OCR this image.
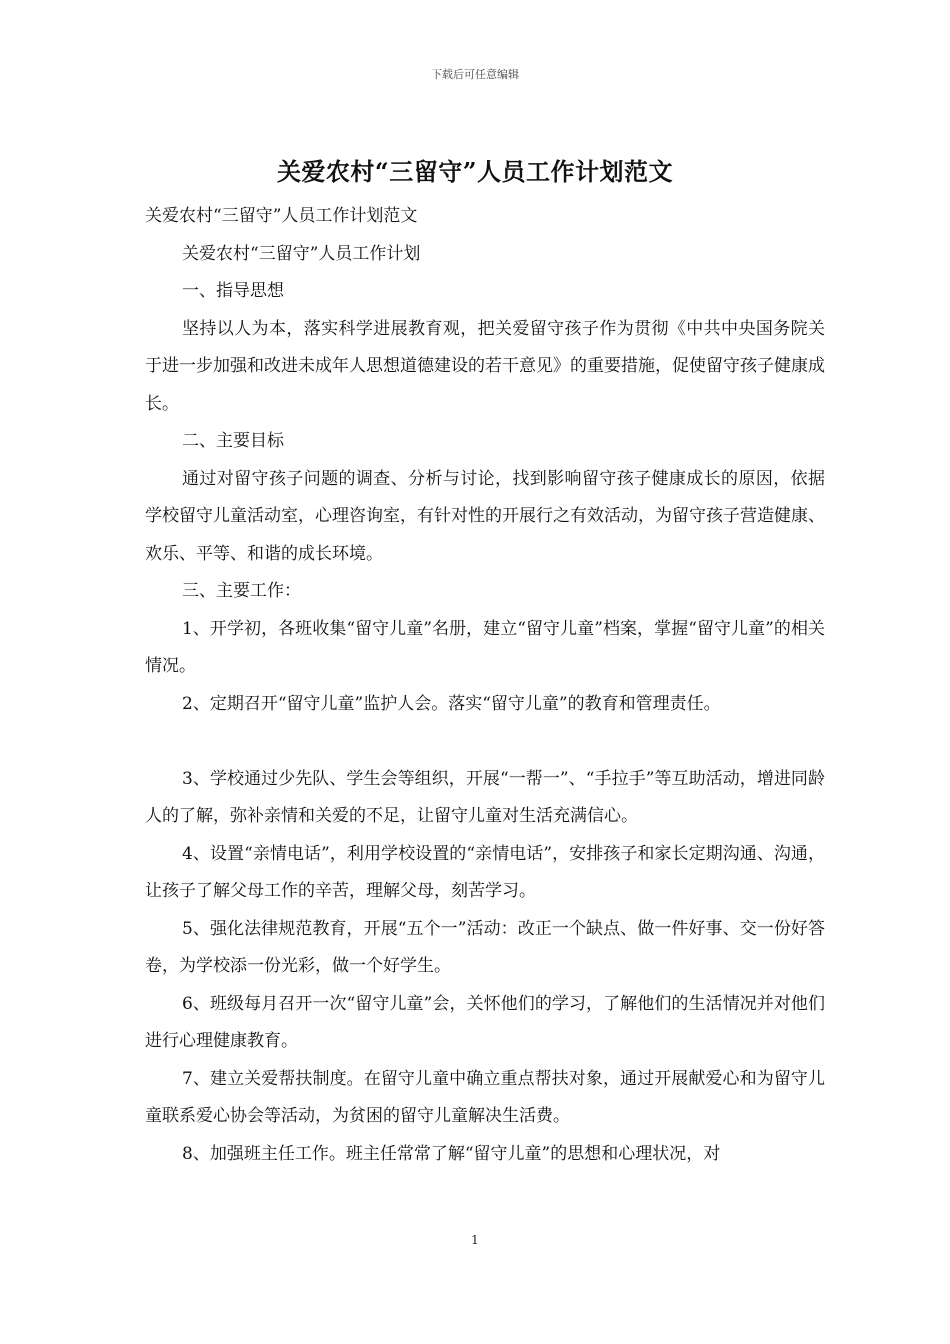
下载后可任意编辑
关爱农村“三留守”人员工作计划范文

关爱农村“三留守”人员工作计划范文

关爱农村“三留守”人员工作计划

一、指导思想

坚持以人为本，落实科学进展教育观，把关爱留守孩子作为贯彻《中共中央国务院关于进一步加强和改进未成年人思想道德建设的若干意见》的重要措施，促使留守孩子健康成长。

二、主要目标

通过对留守孩子问题的调查、分析与讨论，找到影响留守孩子健康成长的原因，依据学校留守儿童活动室，心理咨询室，有针对性的开展行之有效活动，为留守孩子营造健康、欢乐、平等、和谐的成长环境。

三、主要工作：

1、开学初，各班收集“留守儿童”名册，建立“留守儿童”档案，掌握“留守儿童”的相关情况。

2、定期召开“留守儿童”监护人会。落实“留守儿童”的教育和管理责任。

3、学校通过少先队、学生会等组织，开展“一帮一”、“手拉手”等互助活动，增进同龄人的了解，弥补亲情和关爱的不足，让留守儿童对生活充满信心。

4、设置“亲情电话”，利用学校设置的“亲情电话”，安排孩子和家长定期沟通、沟通，让孩子了解父母工作的辛苦，理解父母，刻苦学习。

5、强化法律规范教育，开展“五个一”活动：改正一个缺点、做一件好事、交一份好答卷，为学校添一份光彩，做一个好学生。

6、班级每月召开一次“留守儿童”会，关怀他们的学习，了解他们的生活情况并对他们进行心理健康教育。

7、建立关爱帮扶制度。在留守儿童中确立重点帮扶对象，通过开展献爱心和为留守儿童联系爱心协会等活动，为贫困的留守儿童解决生活费。

8、加强班主任工作。班主任常常了解“留守儿童”的思想和心理状况，对

1
